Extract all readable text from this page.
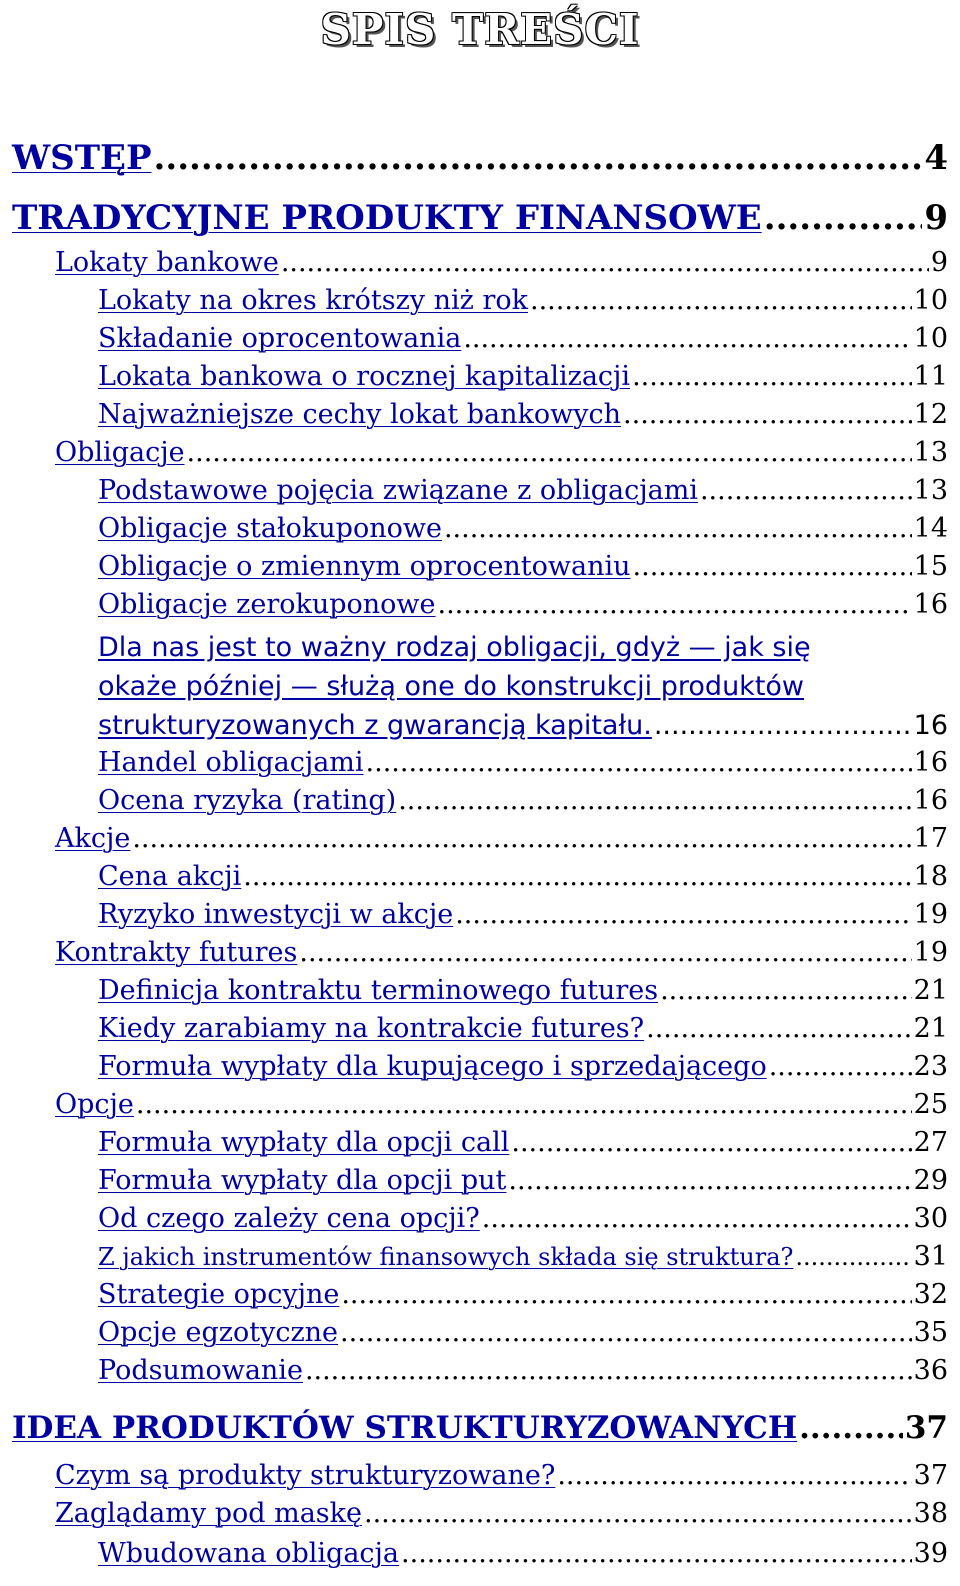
SPIS TREŚCI
WSTĘP .....	4
TRADYCYJNE PRODUKTY FINANSOWE .....	9
Lokaty bankowe .....	9
Lokaty na okres krótszy niż rok .....	10
Składanie oprocentowania .....	10
Lokata bankowa o rocznej kapitalizacji .....	11
Najważniejsze cechy lokat bankowych .....	12
Obligacje .....	13
Podstawowe pojęcia związane z obligacjami .....	13
Obligacje stałokuponowe .....	14
Obligacje o zmiennym oprocentowaniu .....	15
Obligacje zerokuponowe .....	16
Dla nas jest to ważny rodzaj obligacji, gdyż — jak się
okaże później — służą one do konstrukcji produktów
strukturyzowanych z gwarancją kapitału. .....	16
Handel obligacjami .....	16
Ocena ryzyka (rating) .....	16
Akcje .....	17
Cena akcji .....	18
Ryzyko inwestycji w akcje .....	19
Kontrakty futures .....	19
Definicja kontraktu terminowego futures .....	21
Kiedy zarabiamy na kontrakcie futures? .....	21
Formuła wypłaty dla kupującego i sprzedającego .....	23
Opcje .....	25
Formuła wypłaty dla opcji call .....	27
Formuła wypłaty dla opcji put .....	29
Od czego zależy cena opcji? .....	30
Z jakich instrumentów finansowych składa się struktura? .....	31
Strategie opcyjne .....	32
Opcje egzotyczne .....	35
Podsumowanie .....	36
IDEA PRODUKTÓW STRUKTURYZOWANYCH .....	37
Czym są produkty strukturyzowane? .....	37
Zaglądamy pod maskę .....	38
Wbudowana obligacja .....	39
